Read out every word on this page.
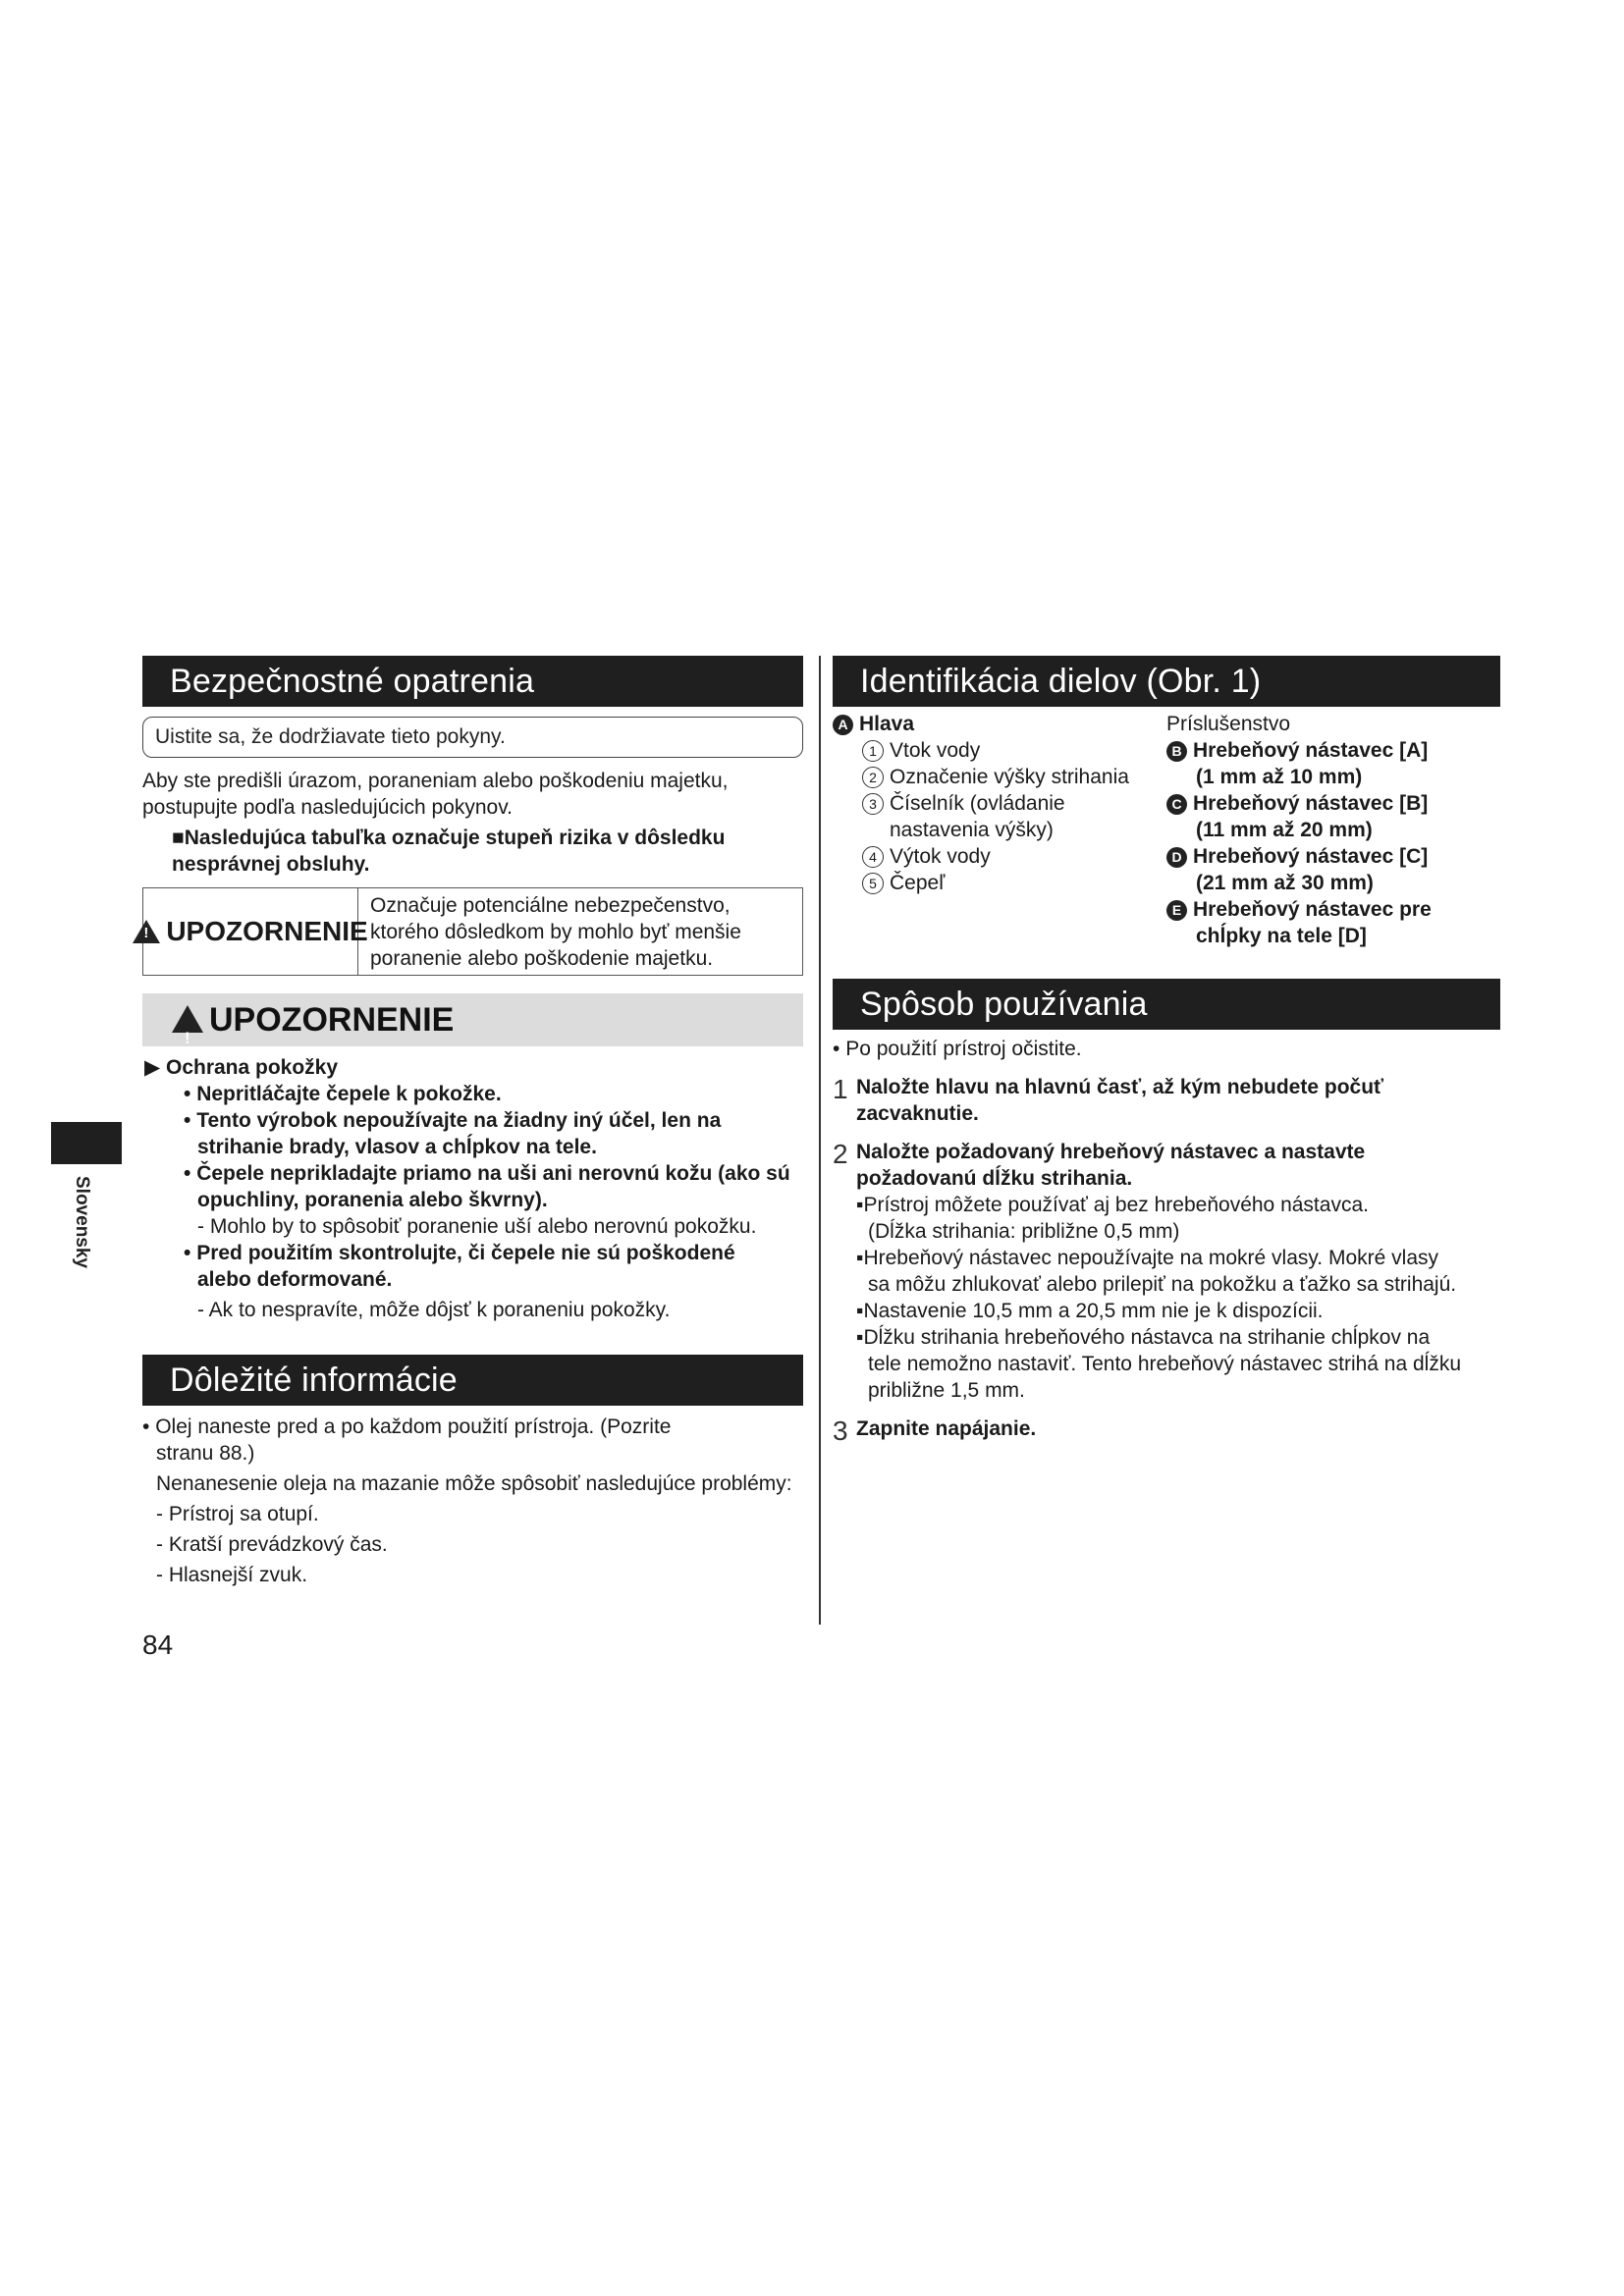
Slovensky
Bezpečnostné opatrenia
Uistite sa, že dodržiavate tieto pokyny.
Aby ste predišli úrazom, poraneniam alebo poškodeniu majetku, postupujte podľa nasledujúcich pokynov.
■Nasledujúca tabuľka označuje stupeň rizika v dôsledku
nesprávnej obsluhy.
!
UPOZORNENIE
Označuje potenciálne nebezpečenstvo,
ktorého dôsledkom by mohlo byť menšie
poranenie alebo poškodenie majetku.
!UPOZORNENIE
▶ Ochrana pokožky
• Nepritláčajte čepele k pokožke.
• Tento výrobok nepoužívajte na žiadny iný účel, len na
strihanie brady, vlasov a chĺpkov na tele.
• Čepele neprikladajte priamo na uši ani nerovnú kožu (ako sú
opuchliny, poranenia alebo škvrny).
- Mohlo by to spôsobiť poranenie uší alebo nerovnú pokožku.
• Pred použitím skontrolujte, či čepele nie sú poškodené
alebo deformované.
- Ak to nespravíte, môže dôjsť k poraneniu pokožky.
Dôležité informácie
• Olej naneste pred a po každom použití prístroja. (Pozrite
stranu 88.)
Nenanesenie oleja na mazanie môže spôsobiť nasledujúce problémy:
- Prístroj sa otupí.
- Kratší prevádzkový čas.
- Hlasnejší zvuk.
Identifikácia dielov (Obr. 1)
A Hlava
1 Vtok vody
2 Označenie výšky strihania
3 Číselník (ovládanie
nastavenia výšky)
4 Výtok vody
5 Čepeľ
Príslušenstvo
B Hrebeňový nástavec [A]
(1 mm až 10 mm)
C Hrebeňový nástavec [B]
(11 mm až 20 mm)
D Hrebeňový nástavec [C]
(21 mm až 30 mm)
E Hrebeňový nástavec pre
chĺpky na tele [D]
Spôsob používania
• Po použití prístroj očistite.
1 Naložte hlavu na hlavnú časť, až kým nebudete počuť
zacvaknutie.
2 Naložte požadovaný hrebeňový nástavec a nastavte
požadovanú dĺžku strihania.
▪Prístroj môžete používať aj bez hrebeňového nástavca.
(Dĺžka strihania: približne 0,5 mm)
▪Hrebeňový nástavec nepoužívajte na mokré vlasy. Mokré vlasy
sa môžu zhlukovať alebo prilepiť na pokožku a ťažko sa strihajú.
▪Nastavenie 10,5 mm a 20,5 mm nie je k dispozícii.
▪Dĺžku strihania hrebeňového nástavca na strihanie chĺpkov na
tele nemožno nastaviť. Tento hrebeňový nástavec strihá na dĺžku
približne 1,5 mm.
3 Zapnite napájanie.
84
